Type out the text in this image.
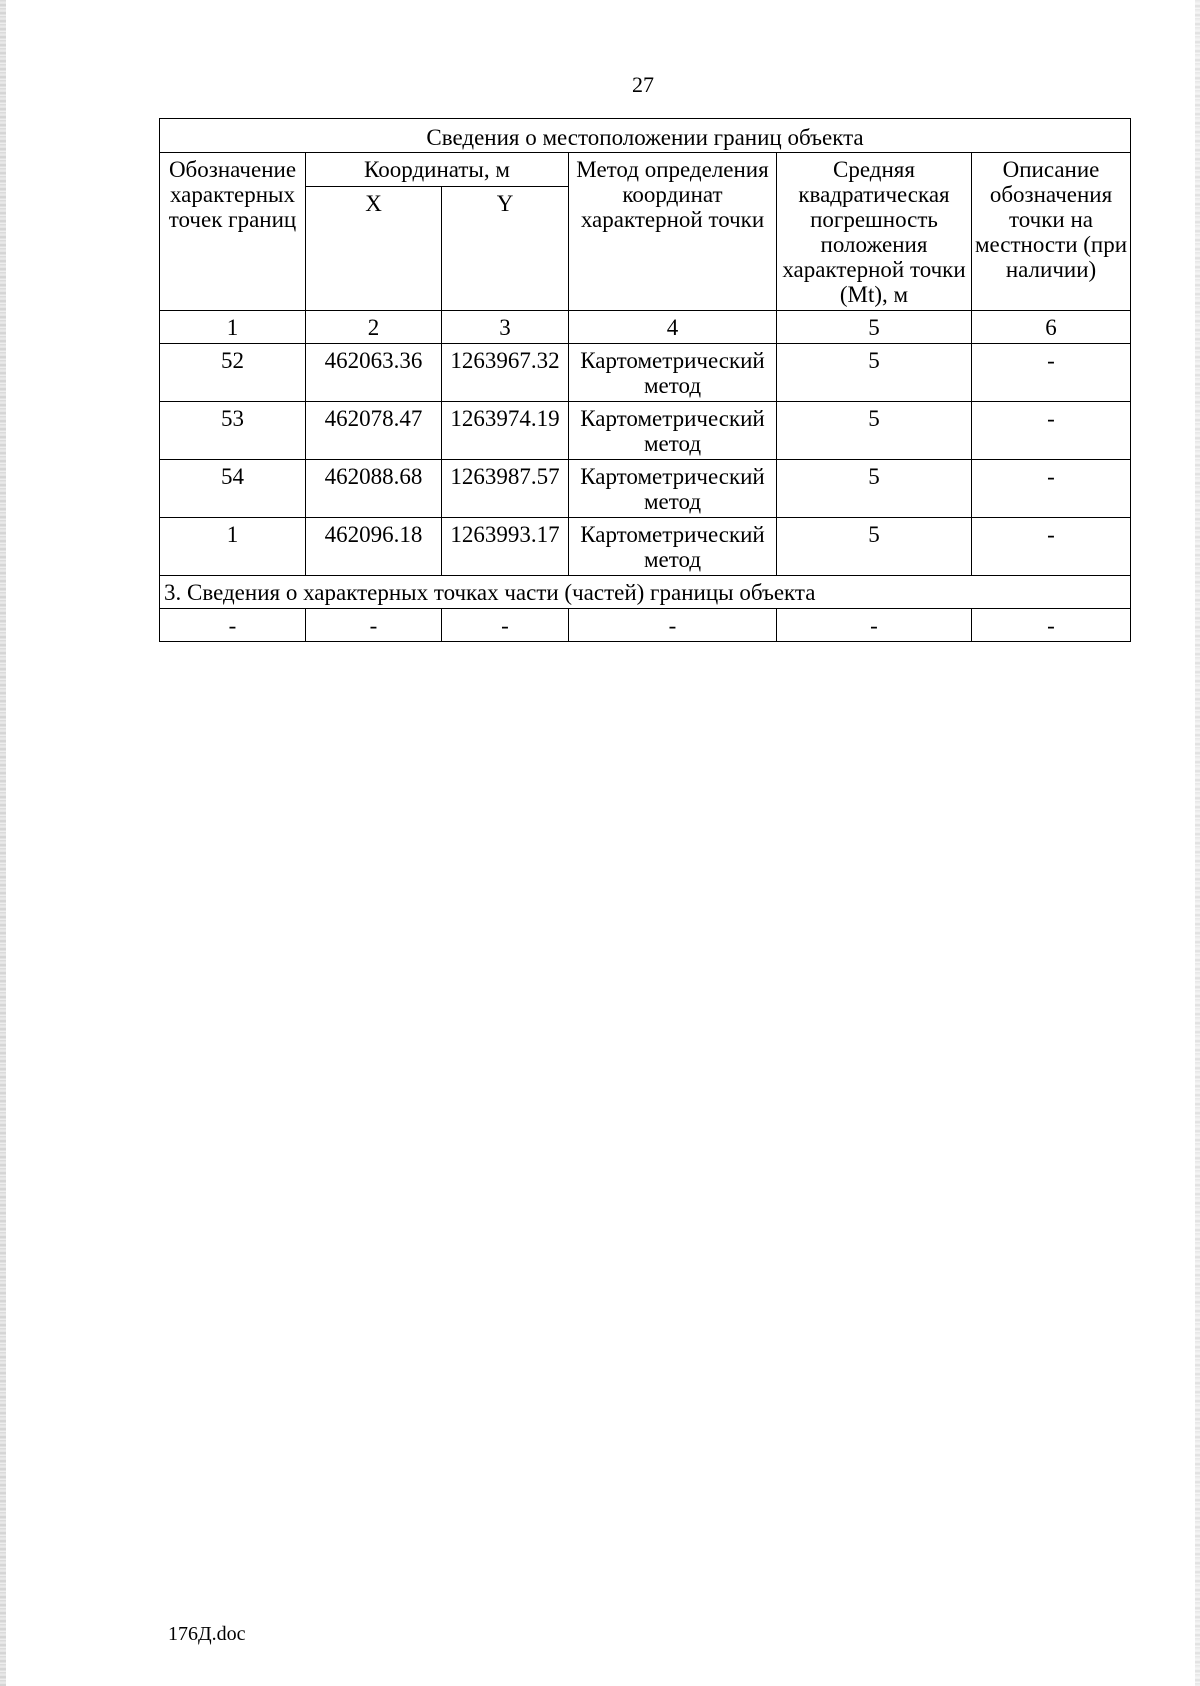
27
Сведения о местоположении границ объекта					
Обозначение характерных точек границ	Координаты, м		Метод определения координат характерной точки	Средняя квадратическая погрешность положения характерной точки (Mt), м	Описание обозначения точки на местности (при наличии)
	X	Y			
1	2	3	4	5	6
52	462063.36	1263967.32	Картометрический метод	5	-
53	462078.47	1263974.19	Картометрический метод	5	-
54	462088.68	1263987.57	Картометрический метод	5	-
1	462096.18	1263993.17	Картометрический метод	5	-
3. Сведения о характерных точках части (частей) границы объекта					
-	-	-	-	-	-
176Д.doc
